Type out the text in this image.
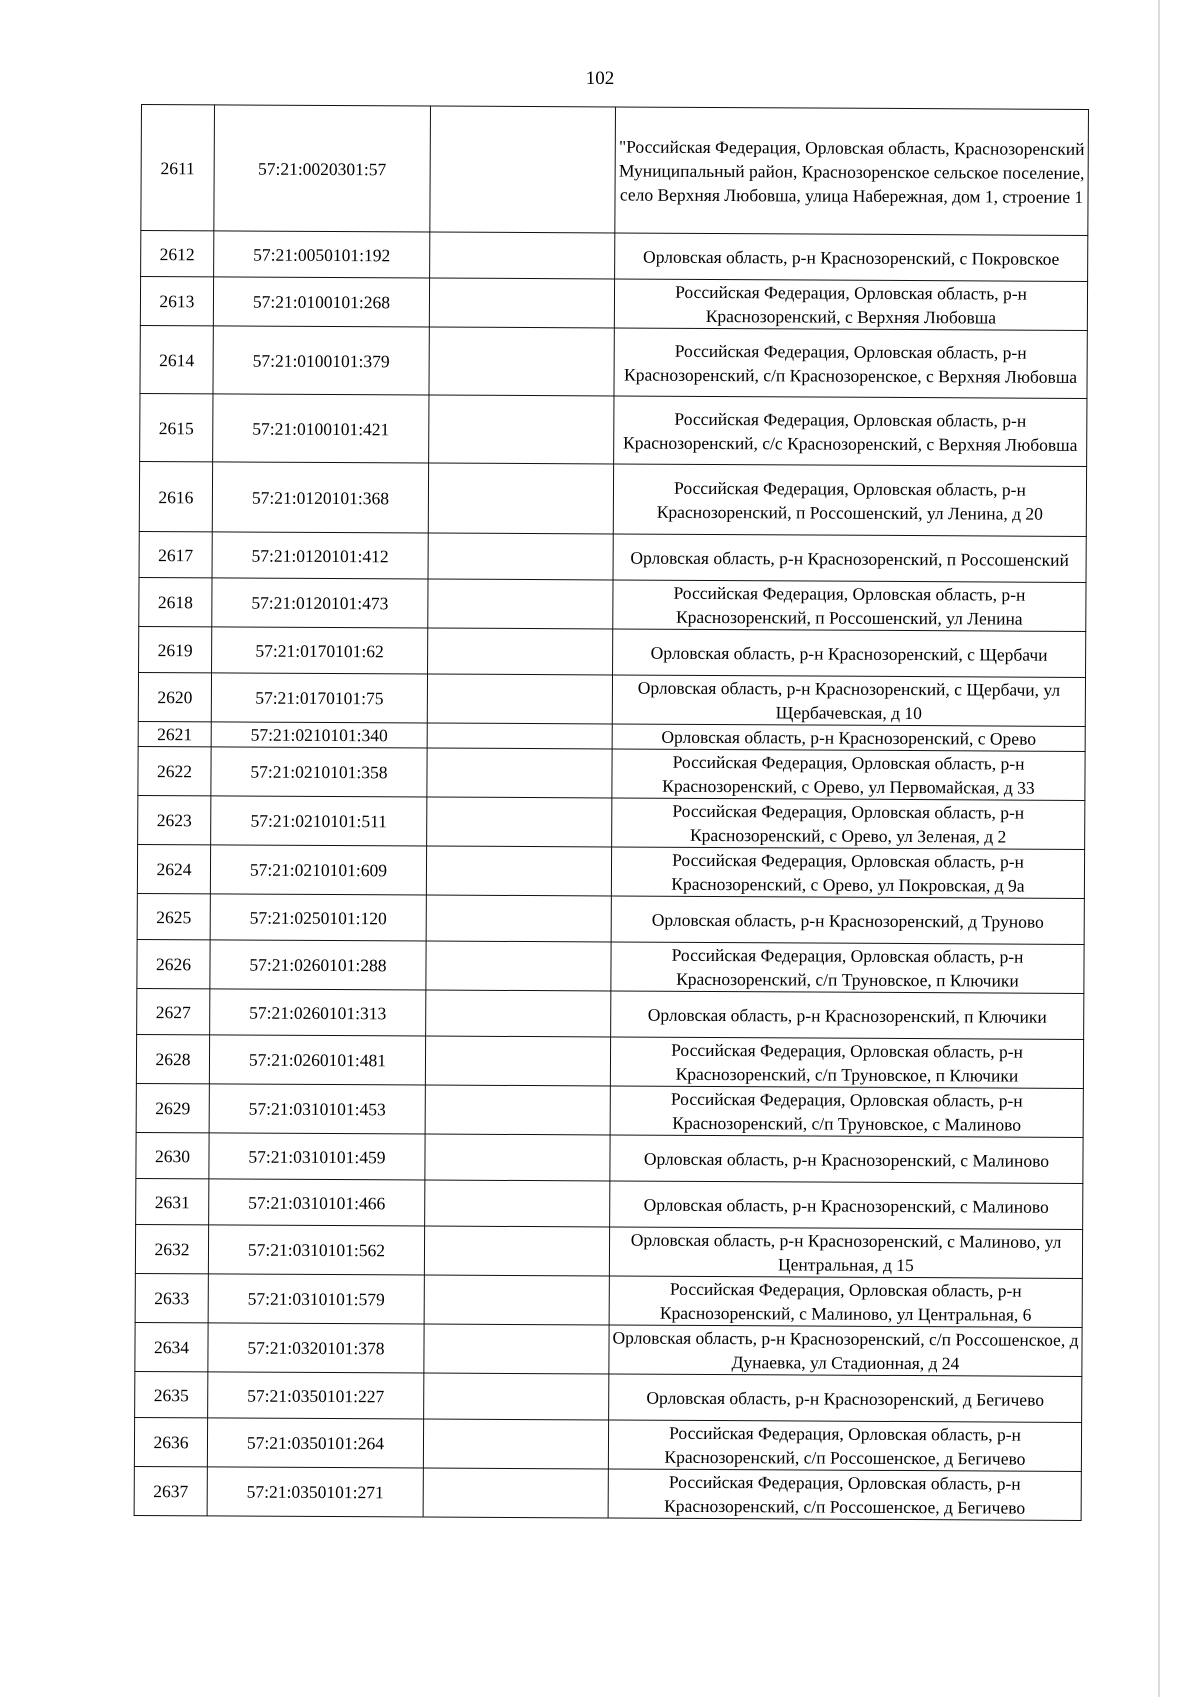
102
2611	57:21:0020301:57		"Российская Федерация, Орловская область, Краснозоренский Муниципальный район, Краснозоренское сельское поселение, село Верхняя Любовша, улица Набережная, дом 1, строение 1
2612	57:21:0050101:192		Орловская область, р-н Краснозоренский, с Покровское
2613	57:21:0100101:268		Российская Федерация, Орловская область, р-н Краснозоренский, с Верхняя Любовша
2614	57:21:0100101:379		Российская Федерация, Орловская область, р-н Краснозоренский, с/п Краснозоренское, с Верхняя Любовша
2615	57:21:0100101:421		Российская Федерация, Орловская область, р-н Краснозоренский, с/с Краснозоренский, с Верхняя Любовша
2616	57:21:0120101:368		Российская Федерация, Орловская область, р-н Краснозоренский, п Россошенский, ул Ленина, д 20
2617	57:21:0120101:412		Орловская область, р-н Краснозоренский, п Россошенский
2618	57:21:0120101:473		Российская Федерация, Орловская область, р-н Краснозоренский, п Россошенский, ул Ленина
2619	57:21:0170101:62		Орловская область, р-н Краснозоренский, с Щербачи
2620	57:21:0170101:75		Орловская область, р-н Краснозоренский, с Щербачи, ул Щербачевская, д 10
2621	57:21:0210101:340		Орловская область, р-н Краснозоренский, с Орево
2622	57:21:0210101:358		Российская Федерация, Орловская область, р-н Краснозоренский, с Орево, ул Первомайская, д 33
2623	57:21:0210101:511		Российская Федерация, Орловская область, р-н Краснозоренский, с Орево, ул Зеленая, д 2
2624	57:21:0210101:609		Российская Федерация, Орловская область, р-н Краснозоренский, с Орево, ул Покровская, д 9а
2625	57:21:0250101:120		Орловская область, р-н Краснозоренский, д Труново
2626	57:21:0260101:288		Российская Федерация, Орловская область, р-н Краснозоренский, с/п Труновское, п Ключики
2627	57:21:0260101:313		Орловская область, р-н Краснозоренский, п Ключики
2628	57:21:0260101:481		Российская Федерация, Орловская область, р-н Краснозоренский, с/п Труновское, п Ключики
2629	57:21:0310101:453		Российская Федерация, Орловская область, р-н Краснозоренский, с/п Труновское, с Малиново
2630	57:21:0310101:459		Орловская область, р-н Краснозоренский, с Малиново
2631	57:21:0310101:466		Орловская область, р-н Краснозоренский, с Малиново
2632	57:21:0310101:562		Орловская область, р-н Краснозоренский, с Малиново, ул Центральная, д 15
2633	57:21:0310101:579		Российская Федерация, Орловская область, р-н Краснозоренский, с Малиново, ул Центральная, 6
2634	57:21:0320101:378		Орловская область, р-н Краснозоренский, с/п Россошенское, д Дунаевка, ул Стадионная, д 24
2635	57:21:0350101:227		Орловская область, р-н Краснозоренский, д Бегичево
2636	57:21:0350101:264		Российская Федерация, Орловская область, р-н Краснозоренский, с/п Россошенское, д Бегичево
2637	57:21:0350101:271		Российская Федерация, Орловская область, р-н Краснозоренский, с/п Россошенское, д Бегичево
